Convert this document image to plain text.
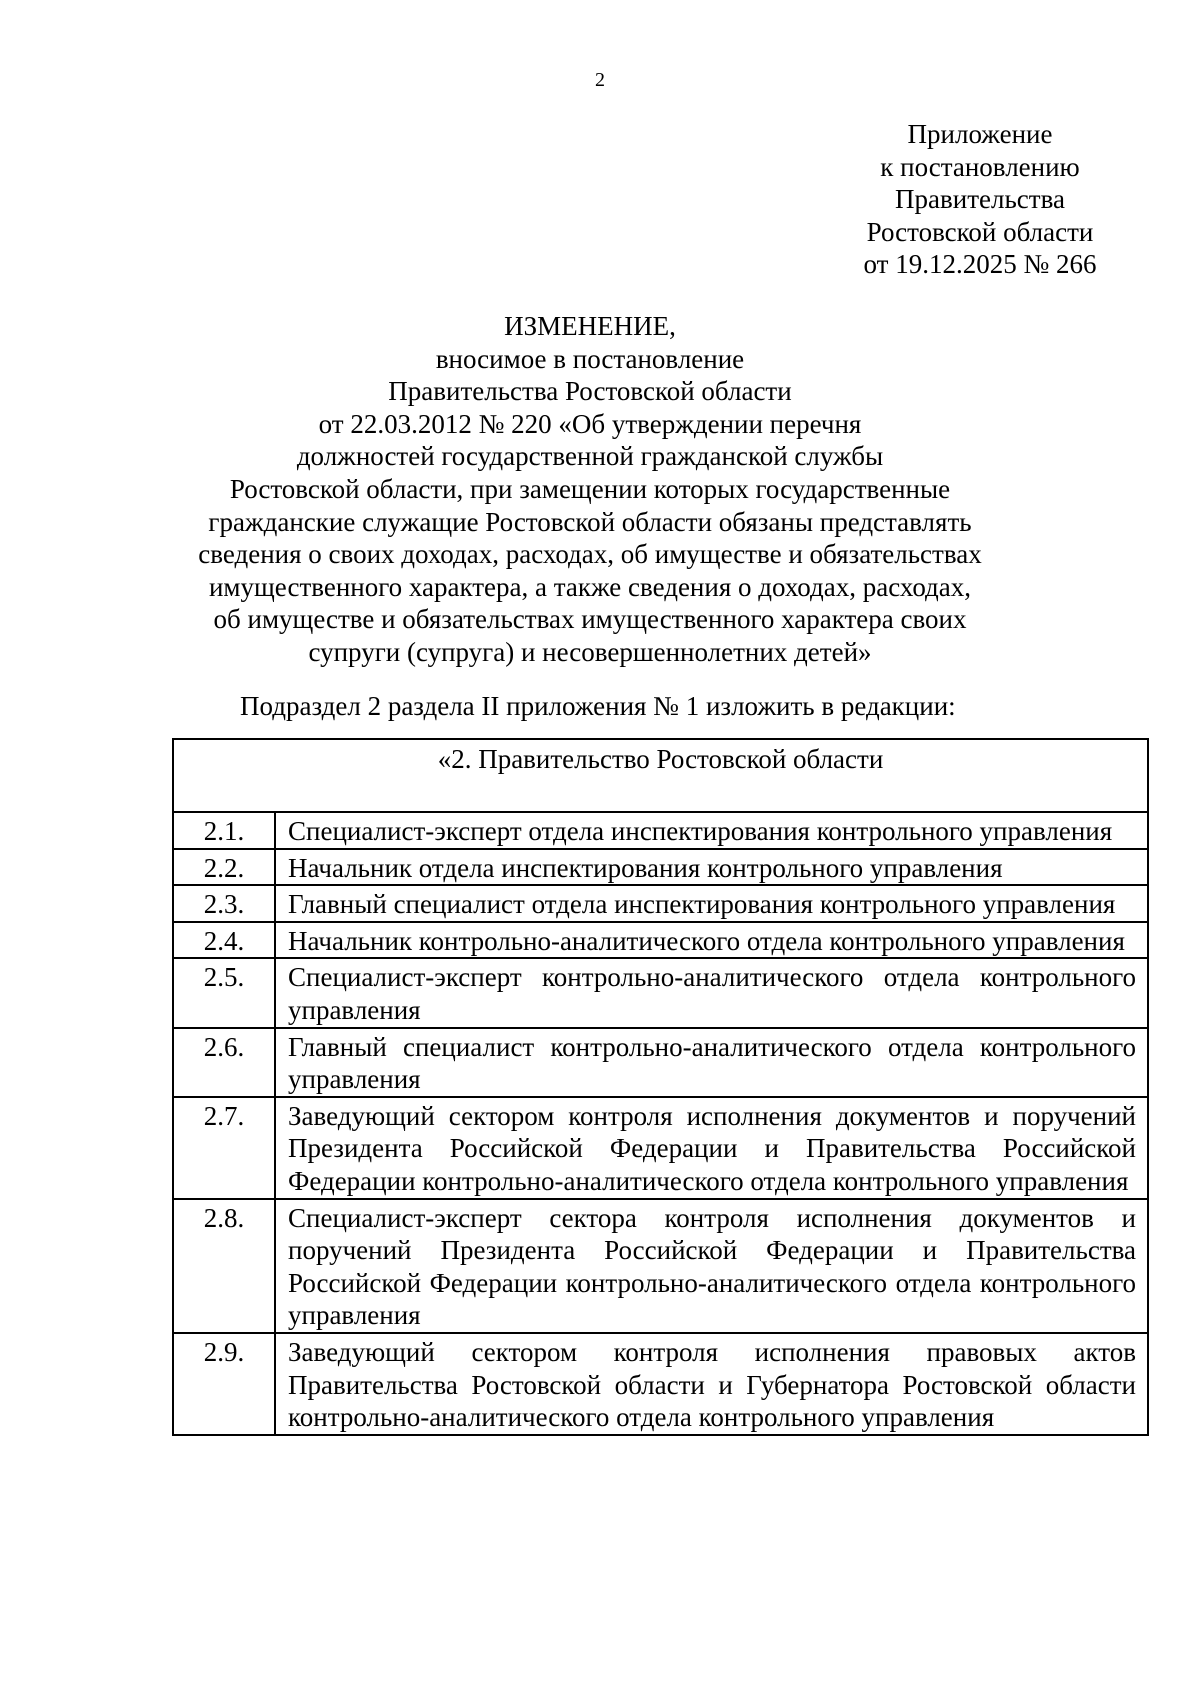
2
Приложение
к постановлению
Правительства
Ростовской области
от 19.12.2025 № 266
ИЗМЕНЕНИЕ,
вносимое в постановление
Правительства Ростовской области
от 22.03.2012 № 220 «Об утверждении перечня
должностей государственной гражданской службы
Ростовской области, при замещении которых государственные
гражданские служащие Ростовской области обязаны представлять
сведения о своих доходах, расходах, об имуществе и обязательствах
имущественного характера, а также сведения о доходах, расходах,
об имуществе и обязательствах имущественного характера своих
супруги (супруга) и несовершеннолетних детей»
Подраздел 2 раздела II приложения № 1 изложить в редакции:
«2. Правительство Ростовской области	
2.1.	Специалист-эксперт отдела инспектирования контрольного управления
2.2.	Начальник отдела инспектирования контрольного управления
2.3.	Главный специалист отдела инспектирования контрольного управления
2.4.	Начальник контрольно-аналитического отдела контрольного управления
2.5.	Специалист-эксперт контрольно-аналитического отдела контрольного управления
2.6.	Главный специалист контрольно-аналитического отдела контрольного управления
2.7.	Заведующий сектором контроля исполнения документов и поручений Президента Российской Федерации и Правительства Российской Федерации контрольно-аналитического отдела контрольного управления
2.8.	Специалист-эксперт сектора контроля исполнения документов и поручений Президента Российской Федерации и Правительства Российской Федерации контрольно-аналитического отдела контрольного управления
2.9.	Заведующий сектором контроля исполнения правовых актов Правительства Ростовской области и Губернатора Ростовской области контрольно-аналитического отдела контрольного управления
